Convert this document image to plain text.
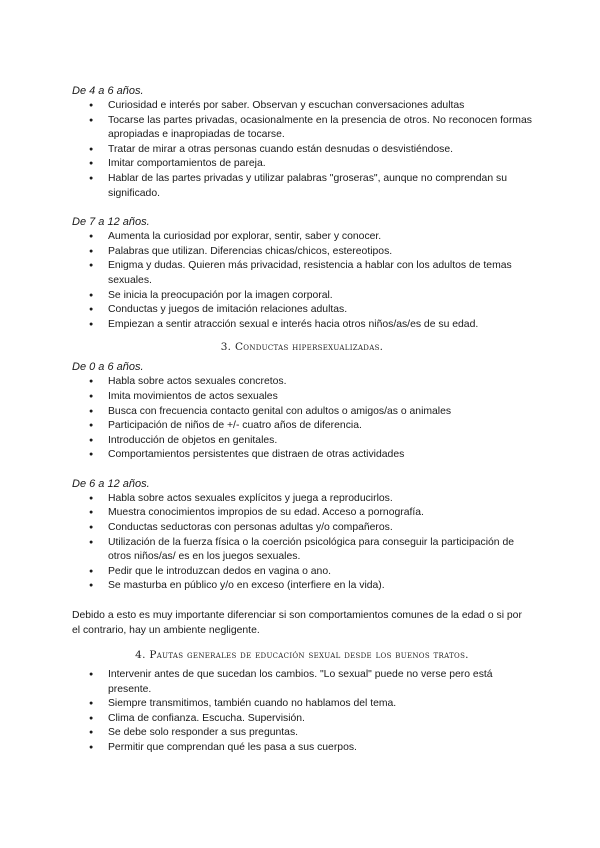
De 4 a 6 años.

● Curiosidad e interés por saber. Observan y escuchan conversaciones adultas
● Tocarse las partes privadas, ocasionalmente en la presencia de otros. No reconocen formas apropiadas e inapropiadas de tocarse.
● Tratar de mirar a otras personas cuando están desnudas o desvistiéndose.
● Imitar comportamientos de pareja.
● Hablar de las partes privadas y utilizar palabras "groseras", aunque no comprendan su significado.

De 7 a 12 años.

● Aumenta la curiosidad por explorar, sentir, saber y conocer.
● Palabras que utilizan. Diferencias chicas/chicos, estereotipos.
● Enigma y dudas. Quieren más privacidad, resistencia a hablar con los adultos de temas sexuales.
● Se inicia la preocupación por la imagen corporal.
● Conductas y juegos de imitación relaciones adultas.
● Empiezan a sentir atracción sexual e interés hacia otros niños/as/es de su edad.
3. Conductas hipersexualizadas.

De 0 a 6 años.

● Habla sobre actos sexuales concretos.
● Imita movimientos de actos sexuales
● Busca con frecuencia contacto genital con adultos o amigos/as o animales
● Participación de niños de +/- cuatro años de diferencia.
● Introducción de objetos en genitales.
● Comportamientos persistentes que distraen de otras actividades

De 6 a 12 años.

● Habla sobre actos sexuales explícitos y juega a reproducirlos.
● Muestra conocimientos impropios de su edad. Acceso a pornografía.
● Conductas seductoras con personas adultas y/o compañeros.
● Utilización de la fuerza física o la coerción psicológica para conseguir la participación de otros niños/as/ es en los juegos sexuales.
● Pedir que le introduzcan dedos en vagina o ano.
● Se masturba en público y/o en exceso (interfiere en la vida).

Debido a esto es muy importante diferenciar si son comportamientos comunes de la edad o si por el contrario, hay un ambiente negligente.

4. Pautas generales de educación sexual desde los buenos tratos.
● Intervenir antes de que sucedan los cambios. "Lo sexual" puede no verse pero está presente.
● Siempre transmitimos, también cuando no hablamos del tema.
● Clima de confianza. Escucha. Supervisión.
● Se debe solo responder a sus preguntas.
● Permitir que comprendan qué les pasa a sus cuerpos.
